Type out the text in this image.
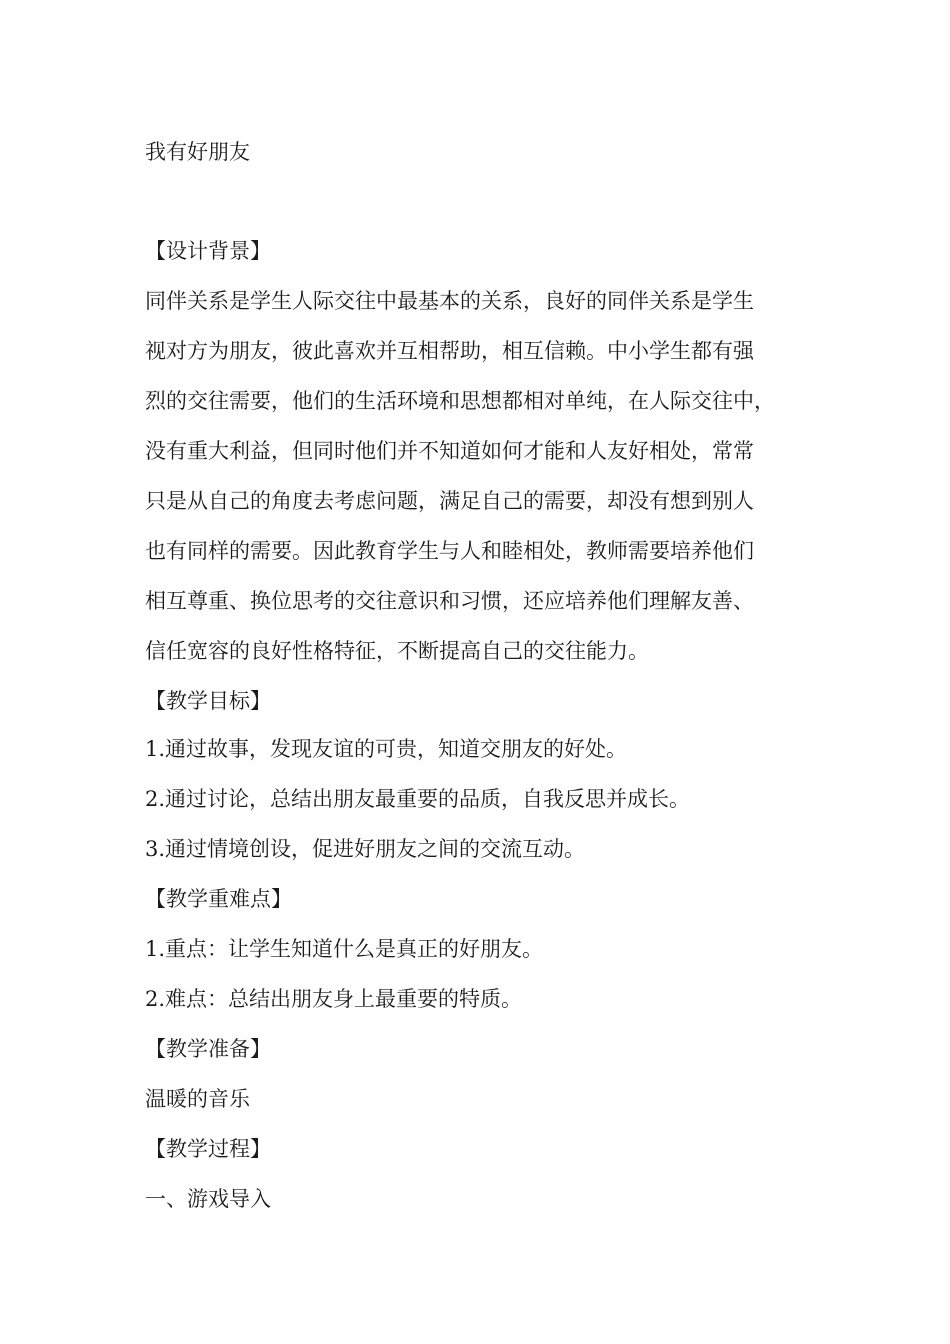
我有好朋友
【设计背景】
同伴关系是学生人际交往中最基本的关系，良好的同伴关系是学生
视对方为朋友，彼此喜欢并互相帮助，相互信赖。中小学生都有强
烈的交往需要，他们的生活环境和思想都相对单纯，在人际交往中，
没有重大利益，但同时他们并不知道如何才能和人友好相处，常常
只是从自己的角度去考虑问题，满足自己的需要，却没有想到别人
也有同样的需要。因此教育学生与人和睦相处，教师需要培养他们
相互尊重、换位思考的交往意识和习惯，还应培养他们理解友善、
信任宽容的良好性格特征，不断提高自己的交往能力。
【教学目标】
1.通过故事，发现友谊的可贵，知道交朋友的好处。
2.通过讨论，总结出朋友最重要的品质，自我反思并成长。
3.通过情境创设，促进好朋友之间的交流互动。
【教学重难点】
1.重点：让学生知道什么是真正的好朋友。
2.难点：总结出朋友身上最重要的特质。
【教学准备】
温暖的音乐
【教学过程】
一、游戏导入
